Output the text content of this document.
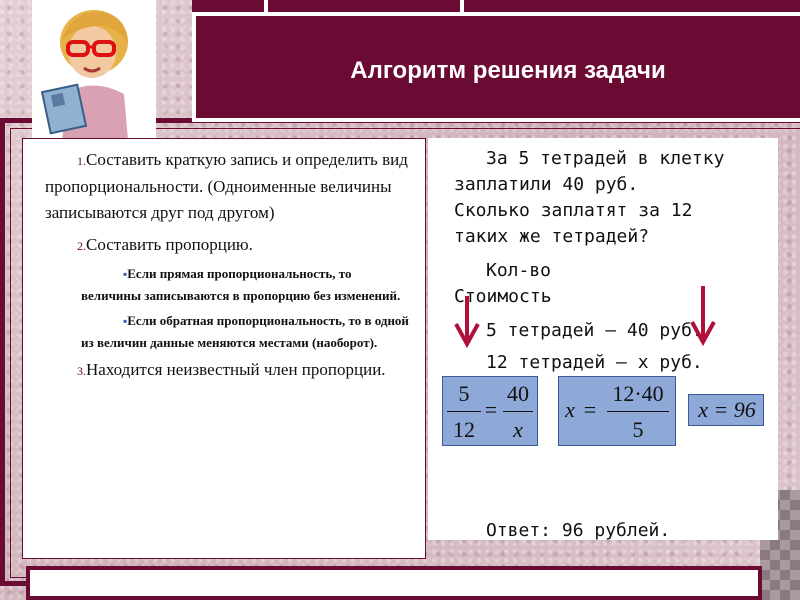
Алгоритм решения задачи

1.Составить краткую запись и определить вид пропорциональности. (Одноименные величины записываются друг под другом)

2.Составить пропорцию.

▪Если прямая пропорциональность, то величины записываются в пропорцию без изменений.

▪Если обратная пропорциональность, то в одной из величин данные меняются местами (наоборот).

3.Находится неизвестный член пропорции.

За 5 тетрадей в клетку
заплатили 40 руб.
Сколько заплатят за 12
таких же тетрадей?
Кол-во
Стоимость
5 тетрадей – 40 руб.
12 тетрадей – х руб.
Ответ: 96 рублей.
5
12
=
40
x
x =
12·40
5
x = 96
